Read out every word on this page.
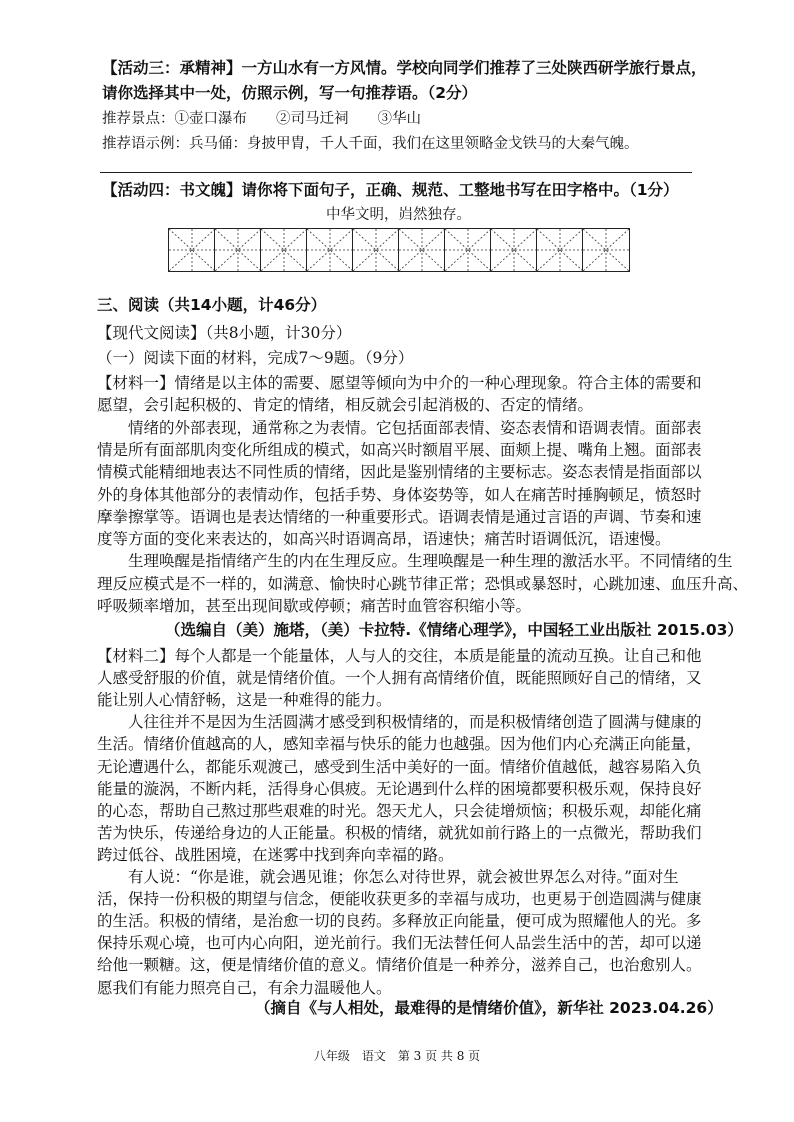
【活动三：承精神】一方山水有一方风情。学校向同学们推荐了三处陕西研学旅行景点，
请你选择其中一处，仿照示例，写一句推荐语。（2分）
推荐景点：①壶口瀑布　　②司马迁祠　　③华山
推荐语示例：兵马俑：身披甲胄，千人千面，我们在这里领略金戈铁马的大秦气魄。
【活动四：书文魄】请你将下面句子，正确、规范、工整地书写在田字格中。（1分）
中华文明，岿然独存。
三、阅读（共14小题，计46分）
【现代文阅读】（共8小题，计30分）
（一）阅读下面的材料，完成7～9题。（9分）
【材料一】情绪是以主体的需要、愿望等倾向为中介的一种心理现象。符合主体的需要和
愿望，会引起积极的、肯定的情绪，相反就会引起消极的、否定的情绪。
　　情绪的外部表现，通常称之为表情。它包括面部表情、姿态表情和语调表情。面部表
情是所有面部肌肉变化所组成的模式，如高兴时额眉平展、面颊上提、嘴角上翘。面部表
情模式能精细地表达不同性质的情绪，因此是鉴别情绪的主要标志。姿态表情是指面部以
外的身体其他部分的表情动作，包括手势、身体姿势等，如人在痛苦时捶胸顿足，愤怒时
摩拳擦掌等。语调也是表达情绪的一种重要形式。语调表情是通过言语的声调、节奏和速
度等方面的变化来表达的，如高兴时语调高昂，语速快；痛苦时语调低沉，语速慢。
　　生理唤醒是指情绪产生的内在生理反应。生理唤醒是一种生理的激活水平。不同情绪的生
理反应模式是不一样的，如满意、愉快时心跳节律正常；恐惧或暴怒时，心跳加速、血压升高、
呼吸频率增加，甚至出现间歇或停顿；痛苦时血管容积缩小等。
（选编自（美）施塔，（美）卡拉特.《情绪心理学》，中国轻工业出版社 2015.03）
【材料二】每个人都是一个能量体，人与人的交往，本质是能量的流动互换。让自己和他
人感受舒服的价值，就是情绪价值。一个人拥有高情绪价值，既能照顾好自己的情绪，又
能让别人心情舒畅，这是一种难得的能力。
　　人往往并不是因为生活圆满才感受到积极情绪的，而是积极情绪创造了圆满与健康的
生活。情绪价值越高的人，感知幸福与快乐的能力也越强。因为他们内心充满正向能量，
无论遭遇什么，都能乐观渡己，感受到生活中美好的一面。情绪价值越低，越容易陷入负
能量的漩涡，不断内耗，活得身心俱疲。无论遇到什么样的困境都要积极乐观，保持良好
的心态，帮助自己熬过那些艰难的时光。怨天尤人，只会徒增烦恼；积极乐观，却能化痛
苦为快乐，传递给身边的人正能量。积极的情绪，就犹如前行路上的一点微光，帮助我们
跨过低谷、战胜困境，在迷雾中找到奔向幸福的路。
　　有人说：“你是谁，就会遇见谁；你怎么对待世界，就会被世界怎么对待。”面对生
活，保持一份积极的期望与信念，便能收获更多的幸福与成功，也更易于创造圆满与健康
的生活。积极的情绪，是治愈一切的良药。多释放正向能量，便可成为照耀他人的光。多
保持乐观心境，也可内心向阳，逆光前行。我们无法替任何人品尝生活中的苦，却可以递
给他一颗糖。这，便是情绪价值的意义。情绪价值是一种养分，滋养自己，也治愈别人。
愿我们有能力照亮自己，有余力温暖他人。
（摘自《与人相处，最难得的是情绪价值》，新华社 2023.04.26）
八年级　语文　第 3 页 共 8 页
